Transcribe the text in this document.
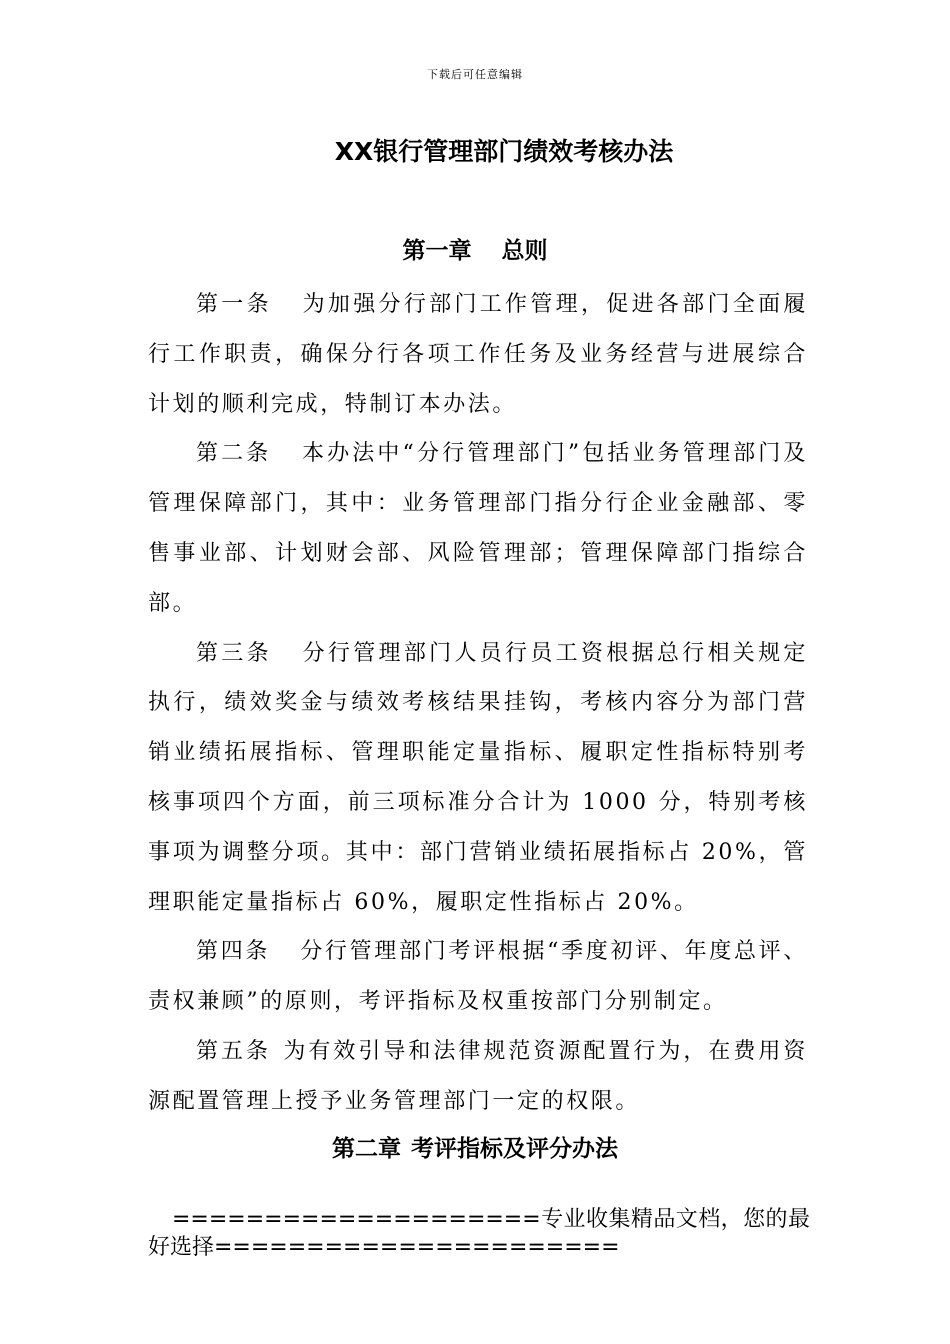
下载后可任意编辑
XX银行管理部门绩效考核办法
第一章 总则

第一条 为加强分行部门工作管理，促进各部门全面履行工作职责，确保分行各项工作任务及业务经营与进展综合计划的顺利完成，特制订本办法。

第二条 本办法中“分行管理部门”包括业务管理部门及管理保障部门，其中：业务管理部门指分行企业金融部、零售事业部、计划财会部、风险管理部；管理保障部门指综合部。

第三条 分行管理部门人员行员工资根据总行相关规定执行，绩效奖金与绩效考核结果挂钩，考核内容分为部门营销业绩拓展指标、管理职能定量指标、履职定性指标特别考核事项四个方面，前三项标准分合计为 1000 分，特别考核事项为调整分项。其中：部门营销业绩拓展指标占 20%，管理职能定量指标占 60%，履职定性指标占 20%。

第四条 分行管理部门考评根据“季度初评、年度总评、责权兼顾”的原则，考评指标及权重按部门分别制定。

第五条 为有效引导和法律规范资源配置行为，在费用资源配置管理上授予业务管理部门一定的权限。

第二章 考评指标及评分办法
====================专业收集精品文档，您的最好选择======================
